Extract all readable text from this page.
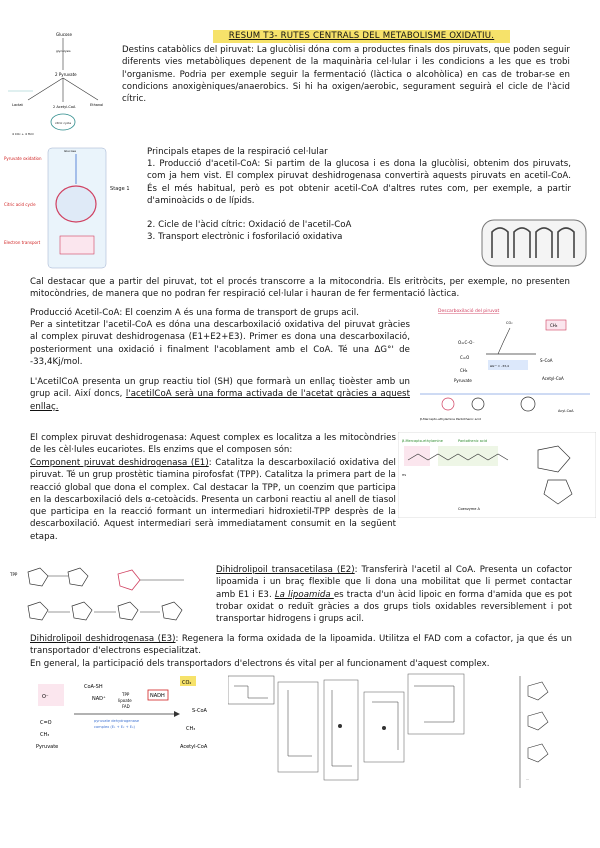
RESUM T3- RUTES CENTRALS DEL METABOLISME OXIDATIU.
Glucose
glycolysis
2 Pyruvate
Lactat	2 Acetyl-CoA	Ethanol
citric cycle
4 CO₂ + 4 H₂O
Destins catabòlics del piruvat: La glucòlisi dóna com a productes finals dos piruvats, que poden seguir diferents vies metabòliques depenent de la maquinària cel·lular i les condicions a les que es trobi l'organisme. Podria per exemple seguir la fermentació (làctica o alcohòlica) en cas de trobar-se en condicions anoxigèniques/anaerobics. Si hi ha oxigen/aerobic, segurament seguirà el cicle de l'àcid cítric.
Pyruvate oxidation
Citric acid cycle
Electron transport
Glucose
Stage 1
Principals etapes de la respiració cel·lular
1. Producció d'acetil-CoA: Si partim de la glucosa i es dona la glucòlisi, obtenim dos piruvats, com ja hem vist. El complex piruvat deshidrogenasa convertirà aquests piruvats en acetil-CoA. És el més habitual, però es pot obtenir acetil-CoA d'altres rutes com, per exemple, a partir d'aminoàcids o de lípids.
2. Cicle de l'àcid cítric: Oxidació de l'acetil-CoA
3. Transport electrònic i fosforilació oxidativa
Cal destacar que a partir del piruvat, tot el procés transcorre a la mitocondria. Els eritròcits, per exemple, no presenten mitocòndries, de manera que no podran fer respiració cel·lular i hauran de fer fermentació làctica.
Producció Acetil-CoA: El coenzim A és una forma de transport de grups acil.
Per a sintetitzar l'acetil-CoA es dóna una descarboxilació oxidativa del piruvat gràcies al complex piruvat deshidrogenasa (E1+E2+E3). Primer es dona una descarboxilació, posteriorment una oxidació i finalment l'acoblament amb el CoA. Té una ΔG°' de -33,4Kj/mol.
L'AcetilCoA presenta un grup reactiu tiol (SH) que formarà un enllaç tioèster amb un grup acil. Així doncs, l'acetilCoA serà una forma activada de l'acetat gràcies a aquest enllaç.
Descarboxilació del piruvat
O=C–O⁻
C=O
CH₃
Pyruvate
CO₂	CH₃
S–CoA
Acetyl-CoA
ΔG°' = -33,4
Acyl-CoA
β-Mercapto-ethylamine Pantothenic acid
El complex piruvat deshidrogenasa: Aquest complex es localitza a les mitocòndries de les cèl·lules eucariotes. Els enzims que el composen són:
Component piruvat deshidrogenasa (E1): Catalitza la descarboxilació oxidativa del piruvat. Té un grup prostètic tiamina pirofosfat (TPP). Catalitza la primera part de la reacció global que dona el complex. Cal destacar la TPP, un coenzim que participa en la descarboxilació dels α-cetoàcids. Presenta un carboni reactiu al anell de tiasol que participa en la reacció formant un intermediari hidroxietil-TPP desprès de la descarboxilació. Aquest intermediari serà immediatament consumit en la següent etapa.
β-Mercapto-ethylamine	Pantothenic acid
HS
Coenzyme A
TPP	Dihidrolipoil transacetilasa (E2): Transferirà l'acetil al CoA. Presenta un cofactor lipoamida i un braç flexible que li dona una mobilitat que li permet contactar amb E1 i E3. La lipoamida es tracta d'un àcid lipoic en forma d'amida que es pot trobar oxidat o reduït gràcies a dos grups tiols oxidables reversiblement i pot transportar hidrogens i grups acil.
Dihidrolipoil deshidrogenasa (E3): Regenera la forma oxidada de la lipoamida. Utilitza el FAD com a cofactor, ja que és un transportador d'electrons especialitzat.
En general, la participació dels transportadors d'electrons és vital per al funcionament d'aquest complex.
O⁻
C=O
CH₃
Pyruvate
CoA-SH
NAD⁺
TPP
lipoate
FAD
NADH
CO₂
pyruvate dehydrogenase
complex (E₁ + E₂ + E₃)
S-CoA
CH₃
Acetyl-CoA
...
